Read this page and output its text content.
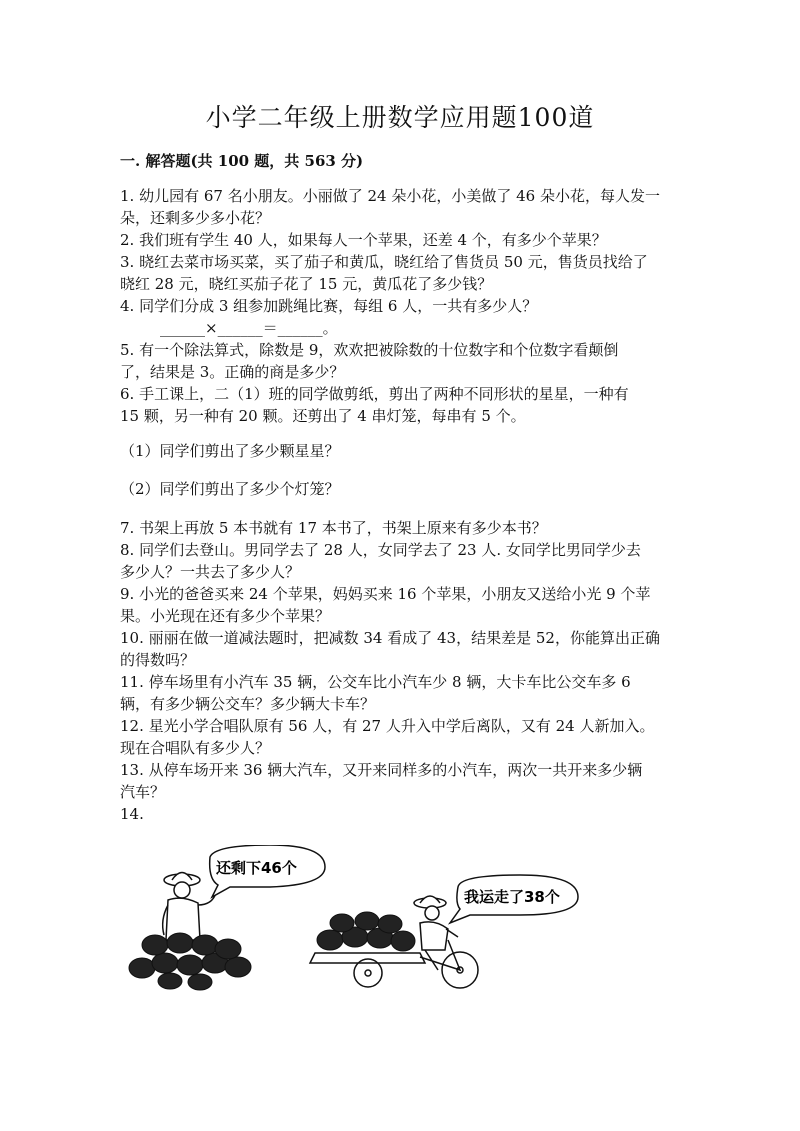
小学二年级上册数学应用题100道
一. 解答题(共 100 题，共 563 分)
1. 幼儿园有 67 名小朋友。小丽做了 24 朵小花，小美做了 46 朵小花，每人发一
朵，还剩多少多小花？
2. 我们班有学生 40 人，如果每人一个苹果，还差 4 个，有多少个苹果？
3. 晓红去菜市场买菜，买了茄子和黄瓜，晓红给了售货员 50 元，售货员找给了
晓红 28 元，晓红买茄子花了 15 元，黄瓜花了多少钱？
4. 同学们分成 3 组参加跳绳比赛，每组 6 人，一共有多少人？
______×______＝______。
5. 有一个除法算式，除数是 9，欢欢把被除数的十位数字和个位数字看颠倒
了，结果是 3。正确的商是多少？
6. 手工课上，二（1）班的同学做剪纸，剪出了两种不同形状的星星，一种有
15 颗，另一种有 20 颗。还剪出了 4 串灯笼，每串有 5 个。
（1）同学们剪出了多少颗星星？
（2）同学们剪出了多少个灯笼？
7. 书架上再放 5 本书就有 17 本书了，书架上原来有多少本书？
8. 同学们去登山。男同学去了 28 人，女同学去了 23 人. 女同学比男同学少去
多少人？一共去了多少人？
9. 小光的爸爸买来 24 个苹果，妈妈买来 16 个苹果，小朋友又送给小光 9 个苹
果。小光现在还有多少个苹果？
10. 丽丽在做一道减法题时，把减数 34 看成了 43，结果差是 52，你能算出正确
的得数吗？
11. 停车场里有小汽车 35 辆，公交车比小汽车少 8 辆，大卡车比公交车多 6
辆，有多少辆公交车？多少辆大卡车？
12. 星光小学合唱队原有 56 人，有 27 人升入中学后离队，又有 24 人新加入。
现在合唱队有多少人？
13. 从停车场开来 36 辆大汽车，又开来同样多的小汽车，两次一共开来多少辆
汽车？
14.
还剩下46个
我运走了38个
